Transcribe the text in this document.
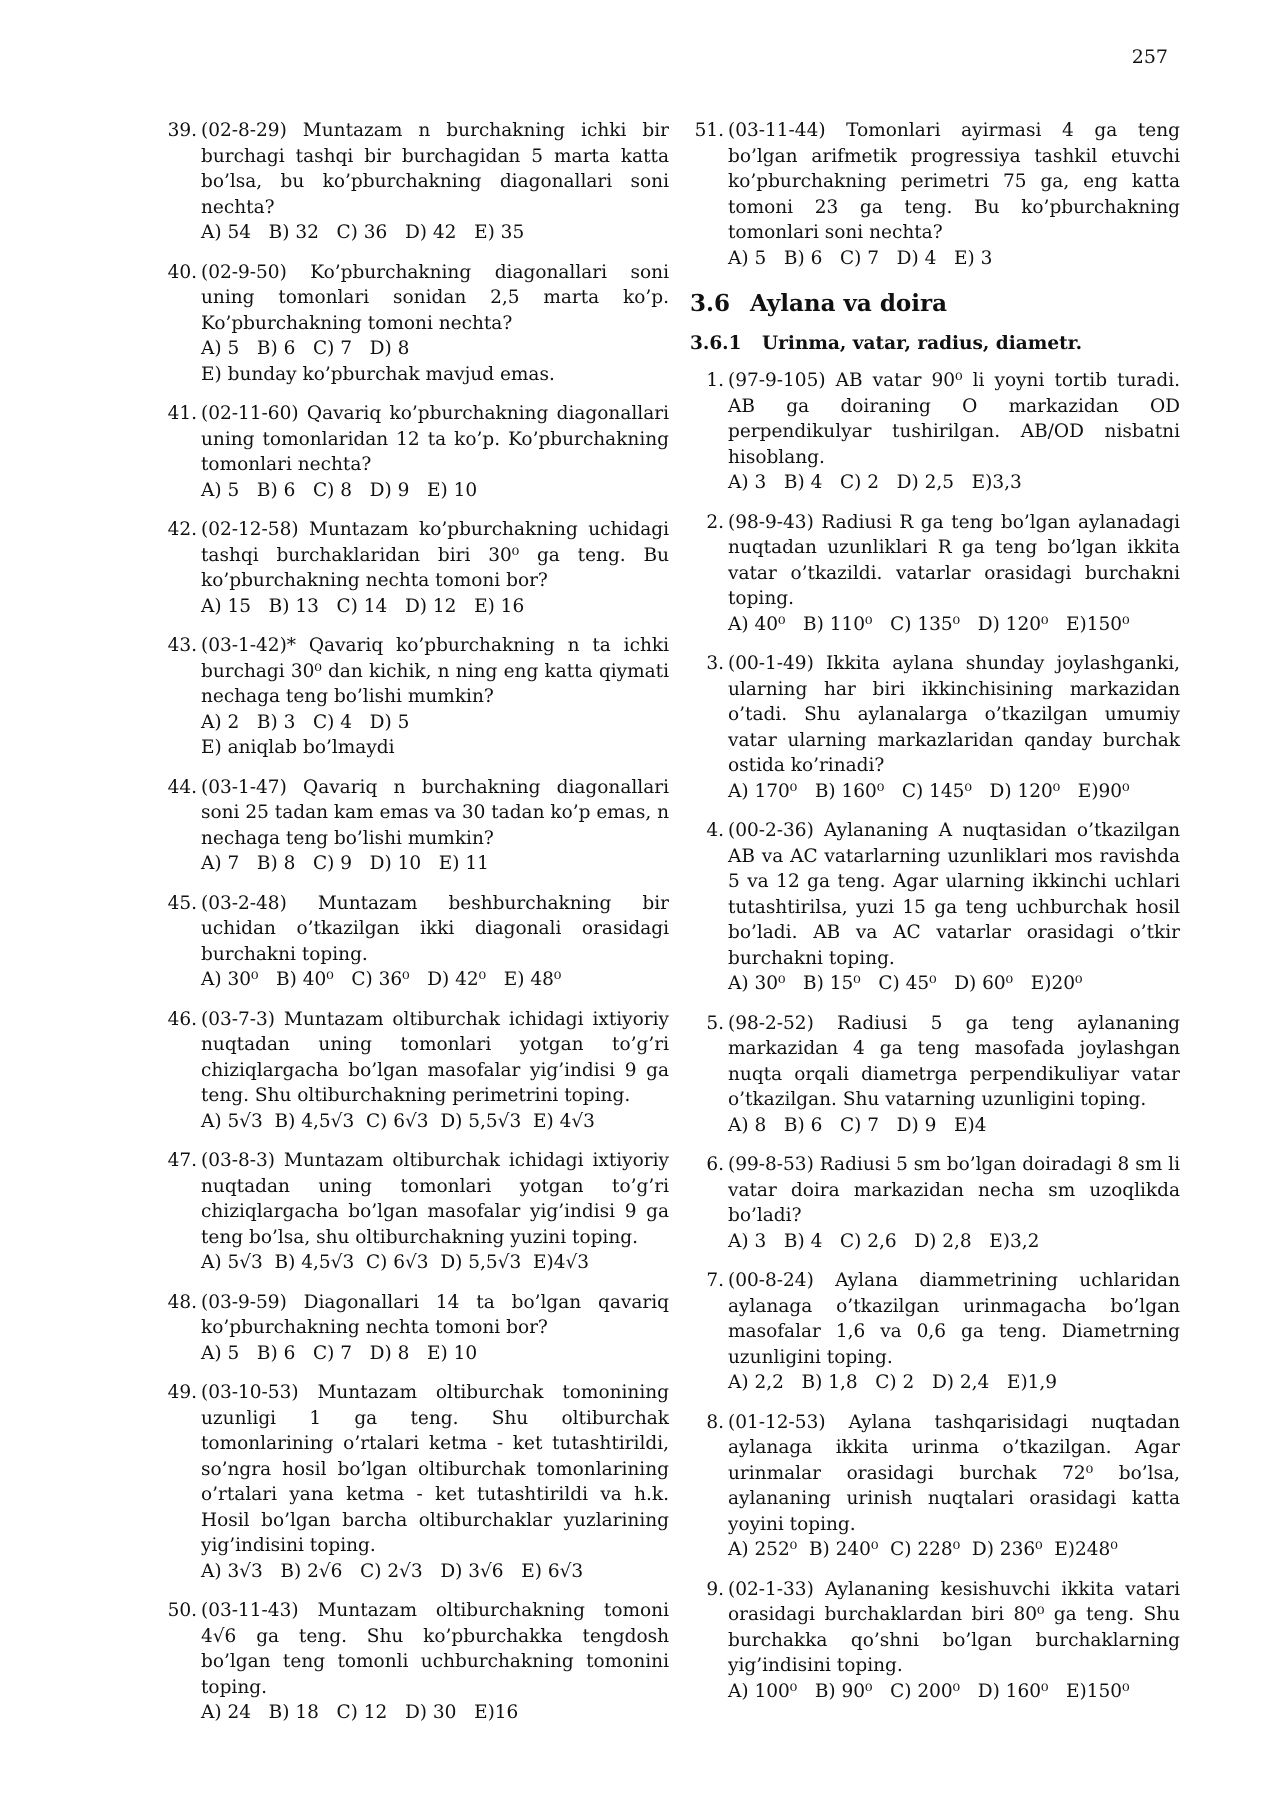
257
39. (02-8-29) Muntazam n burchakning ichki bir burchagi tashqi bir burchagidan 5 marta katta bo’lsa, bu ko’pburchakning diagonallari soni nechta?
A) 54   B) 32   C) 36   D) 42   E) 35
40. (02-9-50) Ko’pburchakning diagonallari soni uning tomonlari sonidan 2,5 marta ko’p. Ko’pburchakning tomoni nechta?
A) 5   B) 6   C) 7   D) 8
E) bunday ko’pburchak mavjud emas.
41. (02-11-60) Qavariq ko’pburchakning diagonallari uning tomonlaridan 12 ta ko’p. Ko’pburchakning tomonlari nechta?
A) 5   B) 6   C) 8   D) 9   E) 10
42. (02-12-58) Muntazam ko’pburchakning uchidagi tashqi burchaklaridan biri 30⁰ ga teng. Bu ko’pburchakning nechta tomoni bor?
A) 15   B) 13   C) 14   D) 12   E) 16
43. (03-1-42)* Qavariq ko’pburchakning n ta ichki burchagi 30⁰ dan kichik, n ning eng katta qiymati nechaga teng bo’lishi mumkin?
A) 2   B) 3   C) 4   D) 5
E) aniqlab bo’lmaydi
44. (03-1-47) Qavariq n burchakning diagonallari soni 25 tadan kam emas va 30 tadan ko’p emas, n nechaga teng bo’lishi mumkin?
A) 7   B) 8   C) 9   D) 10   E) 11
45. (03-2-48) Muntazam beshburchakning bir uchidan o’tkazilgan ikki diagonali orasidagi burchakni toping.
A) 30⁰   B) 40⁰   C) 36⁰   D) 42⁰   E) 48⁰
46. (03-7-3) Muntazam oltiburchak ichidagi ixtiyoriy nuqtadan uning tomonlari yotgan to’g’ri chiziqlargacha bo’lgan masofalar yig’indisi 9 ga teng. Shu oltiburchakning perimetrini toping.
A) 5√3  B) 4,5√3  C) 6√3  D) 5,5√3  E) 4√3
47. (03-8-3) Muntazam oltiburchak ichidagi ixtiyoriy nuqtadan uning tomonlari yotgan to’g’ri chiziqlargacha bo’lgan masofalar yig’indisi 9 ga teng bo’lsa, shu oltiburchakning yuzini toping.
A) 5√3  B) 4,5√3  C) 6√3  D) 5,5√3  E)4√3
48. (03-9-59) Diagonallari 14 ta bo’lgan qavariq ko’pburchakning nechta tomoni bor?
A) 5   B) 6   C) 7   D) 8   E) 10
49. (03-10-53) Muntazam oltiburchak tomonining uzunligi 1 ga teng. Shu oltiburchak tomonlarining o’rtalari ketma - ket tutashtirildi, so’ngra hosil bo’lgan oltiburchak tomonlarining o’rtalari yana ketma - ket tutashtirildi va h.k. Hosil bo’lgan barcha oltiburchaklar yuzlarining yig’indisini toping.
A) 3√3   B) 2√6   C) 2√3   D) 3√6   E) 6√3
50. (03-11-43) Muntazam oltiburchakning tomoni 4√6 ga teng. Shu ko’pburchakka tengdosh bo’lgan teng tomonli uchburchakning tomonini toping.
A) 24   B) 18   C) 12   D) 30   E)16
51. (03-11-44) Tomonlari ayirmasi 4 ga teng bo’lgan arifmetik progressiya tashkil etuvchi ko’pburchakning perimetri 75 ga, eng katta tomoni 23 ga teng. Bu ko’pburchakning tomonlari soni nechta?
A) 5   B) 6   C) 7   D) 4   E) 3
3.6 Aylana va doira
3.6.1 Urinma, vatar, radius, diametr.
1. (97-9-105) AB vatar 90⁰ li yoyni tortib turadi. AB ga doiraning O markazidan OD perpendikulyar tushirilgan. AB/OD nisbatni hisoblang.
A) 3   B) 4   C) 2   D) 2,5   E)3,3
2. (98-9-43) Radiusi R ga teng bo’lgan aylanadagi nuqtadan uzunliklari R ga teng bo’lgan ikkita vatar o’tkazildi. vatarlar orasidagi burchakni toping.
A) 40⁰   B) 110⁰   C) 135⁰   D) 120⁰   E)150⁰
3. (00-1-49) Ikkita aylana shunday joylashganki, ularning har biri ikkinchisining markazidan o’tadi. Shu aylanalarga o’tkazilgan umumiy vatar ularning markazlaridan qanday burchak ostida ko’rinadi?
A) 170⁰   B) 160⁰   C) 145⁰   D) 120⁰   E)90⁰
4. (00-2-36) Aylananing A nuqtasidan o’tkazilgan AB va AC vatarlarning uzunliklari mos ravishda 5 va 12 ga teng. Agar ularning ikkinchi uchlari tutashtirilsa, yuzi 15 ga teng uchburchak hosil bo’ladi. AB va AC vatarlar orasidagi o’tkir burchakni toping.
A) 30⁰   B) 15⁰   C) 45⁰   D) 60⁰   E)20⁰
5. (98-2-52) Radiusi 5 ga teng aylananing markazidan 4 ga teng masofada joylashgan nuqta orqali diametrga perpendikuliyar vatar o’tkazilgan. Shu vatarning uzunligini toping.
A) 8   B) 6   C) 7   D) 9   E)4
6. (99-8-53) Radiusi 5 sm bo’lgan doiradagi 8 sm li vatar doira markazidan necha sm uzoqlikda bo’ladi?
A) 3   B) 4   C) 2,6   D) 2,8   E)3,2
7. (00-8-24) Aylana diammetrining uchlaridan aylanaga o’tkazilgan urinmagacha bo’lgan masofalar 1,6 va 0,6 ga teng. Diametrning uzunligini toping.
A) 2,2   B) 1,8   C) 2   D) 2,4   E)1,9
8. (01-12-53) Aylana tashqarisidagi nuqtadan aylanaga ikkita urinma o’tkazilgan. Agar urinmalar orasidagi burchak 72⁰ bo’lsa, aylananing urinish nuqtalari orasidagi katta yoyini toping.
A) 252⁰  B) 240⁰  C) 228⁰  D) 236⁰  E)248⁰
9. (02-1-33) Aylananing kesishuvchi ikkita vatari orasidagi burchaklardan biri 80⁰ ga teng. Shu burchakka qo’shni bo’lgan burchaklarning yig’indisini toping.
A) 100⁰   B) 90⁰   C) 200⁰   D) 160⁰   E)150⁰
